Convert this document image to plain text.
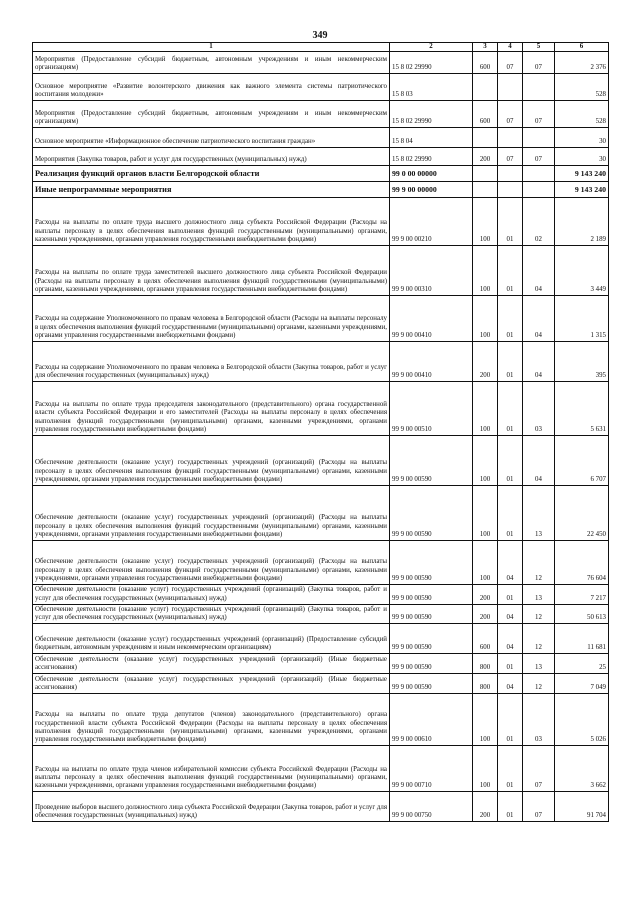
349
1	2	3	4	5	6
Мероприятия (Предоставление субсидий бюджетным, автономным учреждениям и иным некоммерческим организациям)	15 8 02 29990	600	07	07	2 376
Основное мероприятие «Развитие волонтерского движения как важного элемента системы патриотического воспитания молодежи»	15 8 03				528
Мероприятия (Предоставление субсидий бюджетным, автономным учреждениям и иным некоммерческим организациям)	15 8 02 29990	600	07	07	528
Основное мероприятие «Информационное обеспечение патриотического воспитания граждан»	15 8 04				30
Мероприятия (Закупка товаров, работ и услуг для государственных (муниципальных) нужд)	15 8 02 29990	200	07	07	30
Реализация функций органов власти Белгородской области	99 0 00 00000				9 143 240
Иные непрограммные мероприятия	99 9 00 00000				9 143 240
Расходы на выплаты по оплате труда высшего должностного лица субъекта Российской Федерации (Расходы на выплаты персоналу в целях обеспечения выполнения функций государственными (муниципальными) органами, казенными учреждениями, органами управления государственными внебюджетными фондами)	99 9 00 00210	100	01	02	2 189
Расходы на выплаты по оплате труда заместителей высшего должностного лица субъекта Российской Федерации (Расходы на выплаты персоналу в целях обеспечения выполнения функций государственными (муниципальными) органами, казенными учреждениями, органами управления государственными внебюджетными фондами)	99 9 00 00310	100	01	04	3 449
Расходы на содержание Уполномоченного по правам человека в Белгородской области (Расходы на выплаты персоналу в целях обеспечения выполнения функций государственными (муниципальными) органами, казенными учреждениями, органами управления государственными внебюджетными фондами)	99 9 00 00410	100	01	04	1 315
Расходы на содержание Уполномоченного по правам человека в Белгородской области (Закупка товаров, работ и услуг для обеспечения государственных (муниципальных) нужд)	99 9 00 00410	200	01	04	395
Расходы на выплаты по оплате труда председателя законодательного (представительного) органа государственной власти субъекта Российской Федерации и его заместителей (Расходы на выплаты персоналу в целях обеспечения выполнения функций государственными (муниципальными) органами, казенными учреждениями, органами управления государственными внебюджетными фондами)	99 9 00 00510	100	01	03	5 631
Обеспечение деятельности (оказание услуг) государственных учреждений (организаций) (Расходы на выплаты персоналу в целях обеспечения выполнения функций государственными (муниципальными) органами, казенными учреждениями, органами управления государственными внебюджетными фондами)	99 9 00 00590	100	01	04	6 707
Обеспечение деятельности (оказание услуг) государственных учреждений (организаций) (Расходы на выплаты персоналу в целях обеспечения выполнения функций государственными (муниципальными) органами, казенными учреждениями, органами управления государственными внебюджетными фондами)	99 9 00 00590	100	01	13	22 450
Обеспечение деятельности (оказание услуг) государственных учреждений (организаций) (Расходы на выплаты персоналу в целях обеспечения выполнения функций государственными (муниципальными) органами, казенными учреждениями, органами управления государственными внебюджетными фондами)	99 9 00 00590	100	04	12	76 604
Обеспечение деятельности (оказание услуг) государственных учреждений (организаций) (Закупка товаров, работ и услуг для обеспечения государственных (муниципальных) нужд)	99 9 00 00590	200	01	13	7 217
Обеспечение деятельности (оказание услуг) государственных учреждений (организаций) (Закупка товаров, работ и услуг для обеспечения государственных (муниципальных) нужд)	99 9 00 00590	200	04	12	50 613
Обеспечение деятельности (оказание услуг) государственных учреждений (организаций) (Предоставление субсидий бюджетным, автономным учреждениям и иным некоммерческим организациям)	99 9 00 00590	600	04	12	11 681
Обеспечение деятельности (оказание услуг) государственных учреждений (организаций) (Иные бюджетные ассигнования)	99 9 00 00590	800	01	13	25
Обеспечение деятельности (оказание услуг) государственных учреждений (организаций) (Иные бюджетные ассигнования)	99 9 00 00590	800	04	12	7 049
Расходы на выплаты по оплате труда депутатов (членов) законодательного (представительного) органа государственной власти субъекта Российской Федерации (Расходы на выплаты персоналу в целях обеспечения выполнения функций государственными (муниципальными) органами, казенными учреждениями, органами управления государственными внебюджетными фондами)	99 9 00 00610	100	01	03	5 026
Расходы на выплаты по оплате труда членов избирательной комиссии субъекта Российской Федерации (Расходы на выплаты персоналу в целях обеспечения выполнения функций государственными (муниципальными) органами, казенными учреждениями, органами управления государственными внебюджетными фондами)	99 9 00 00710	100	01	07	3 662
Проведение выборов высшего должностного лица субъекта Российской Федерации (Закупка товаров, работ и услуг для обеспечения государственных (муниципальных) нужд)	99 9 00 00750	200	01	07	91 704
